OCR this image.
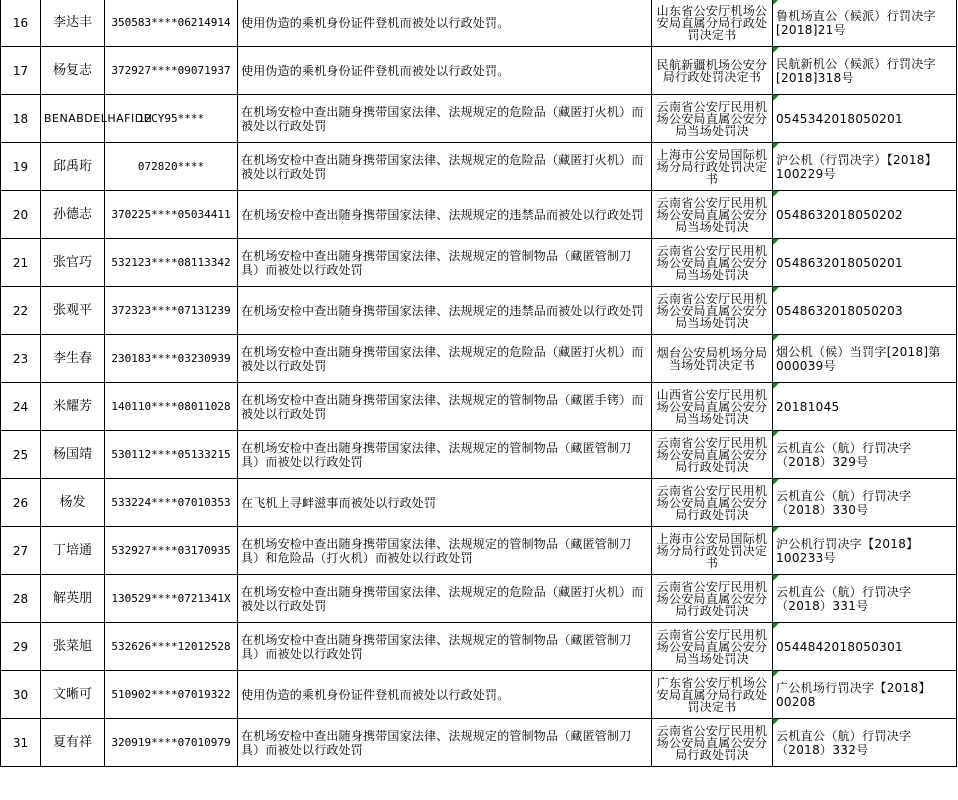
16	李达丰	350583****06214914	使用伪造的乘机身份证件登机而被处以行政处罚。	山东省公安厅机场公安局直属分局行政处罚决定书	鲁机场直公（候派）行罚决字[2018]21号

17	杨复志	372927****09071937	使用伪造的乘机身份证件登机而被处以行政处罚。	民航新疆机场公安分局行政处罚决定书	民航新机公（候派）行罚决字[2018]318号

18	BENABDELHAFIDH	12CY95****	在机场安检中查出随身携带国家法律、法规规定的危险品（藏匿打火机）而被处以行政处罚	云南省公安厅民用机场公安局直属公安分局当场处罚决	0545342018050201

19	邱禹珩	072820****	在机场安检中查出随身携带国家法律、法规规定的危险品（藏匿打火机）而被处以行政处罚	上海市公安局国际机场分局行政处罚决定书	沪公机（行罚决字）【2018】100229号

20	孙德志	370225****05034411	在机场安检中查出随身携带国家法律、法规规定的违禁品而被处以行政处罚	云南省公安厅民用机场公安局直属公安分局当场处罚决	0548632018050202

21	张官巧	532123****08113342	在机场安检中查出随身携带国家法律、法规规定的管制物品（藏匿管制刀具）而被处以行政处罚	云南省公安厅民用机场公安局直属公安分局当场处罚决	0548632018050201

22	张观平	372323****07131239	在机场安检中查出随身携带国家法律、法规规定的违禁品而被处以行政处罚	云南省公安厅民用机场公安局直属公安分局当场处罚决	0548632018050203

23	李生春	230183****03230939	在机场安检中查出随身携带国家法律、法规规定的危险品（藏匿打火机）而被处以行政处罚	烟台公安局机场分局当场处罚决定书	烟公机（候）当罚字[2018]第000039号

24	米耀芳	140110****08011028	在机场安检中查出随身携带国家法律、法规规定的管制物品（藏匿手铐）而被处以行政处罚	山西省公安厅民用机场公安局直属公安分局当场处罚决	20181045

25	杨国靖	530112****05133215	在机场安检中查出随身携带国家法律、法规规定的管制物品（藏匿管制刀具）而被处以行政处罚	云南省公安厅民用机场公安局直属公安分局行政处罚决	云机直公（航）行罚决字（2018）329号

26	杨发	533224****07010353	在飞机上寻衅滋事而被处以行政处罚	云南省公安厅民用机场公安局直属公安分局行政处罚决	云机直公（航）行罚决字（2018）330号

27	丁培通	532927****03170935	在机场安检中查出随身携带国家法律、法规规定的管制物品（藏匿管制刀具）和危险品（打火机）而被处以行政处罚	上海市公安局国际机场分局行政处罚决定书	沪公机行罚决字【2018】100233号

28	解英朋	130529****0721341X	在机场安检中查出随身携带国家法律、法规规定的危险品（藏匿打火机）而被处以行政处罚	云南省公安厅民用机场公安局直属公安分局行政处罚决	云机直公（航）行罚决字（2018）331号

29	张菜旭	532626****12012528	在机场安检中查出随身携带国家法律、法规规定的管制物品（藏匿管制刀具）而被处以行政处罚	云南省公安厅民用机场公安局直属公安分局当场处罚决	0544842018050301

30	文晰可	510902****07019322	使用伪造的乘机身份证件登机而被处以行政处罚。	广东省公安厅机场公安局直属分局行政处罚决定书	广公机场行罚决字【2018】00208

31	夏有祥	320919****07010979	在机场安检中查出随身携带国家法律、法规规定的管制物品（藏匿管制刀具）而被处以行政处罚	云南省公安厅民用机场公安局直属公安分局行政处罚决	云机直公（航）行罚决字（2018）332号
